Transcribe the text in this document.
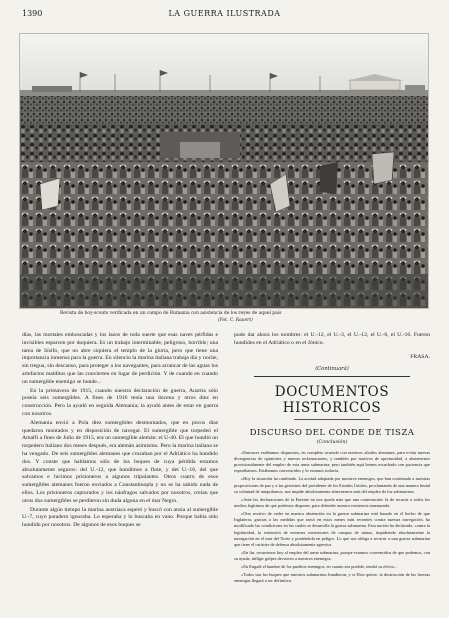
1390	LA GUERRA ILUSTRADA
Revista de boy-scouts verificada en un campo de Rumania con asistencia de los reyes de aquel país
(Fot. C. Rauert)

días, las mortales emboscadas y los lazos de toda suerte que esas naves pérfidas e invisibles esparcen por doquiera. Es un trabajo interminable, peligroso, horrible; una tarea de Sísifo, que no abre siquiera el templo de la gloria, pero que tiene una importancia inmensa para la guerra. En silencio la marina italiana trabaja día y noche, sin tregua, sin descanso, para proteger a los navegantes, para arrancar de las aguas los artefactos malditos que las convierten en lugar de perdición. Y de cuando en cuando un sumergible enemigo se hunde...

En la primavera de 1915, cuando nuestra declaración de guerra, Austria sólo poseía seis sumergibles. A fines de 1916 tenía una docena y otros diez en construcción. Pero la ayudó en seguida Alemania; la ayudó antes de estar en guerra con nosotros.

Alemania envió a Pola diez sumergibles desmontados, que en pocos días quedaron montados y en disposición de navegar. El sumergible que torpedeó el Amalfi a fines de Julio de 1915, era un sumergible alemán: el U-40. El que hundió un torpedero italiano dos meses después, era alemán asimismo. Pero la marina italiana se ha vengado. De seis sumergibles alemanes que cruzaban por el Adriático ha hundido dos. Y conste que hablamos sólo de los buques de cuya pérdida estamos absolutamente seguros: del U.-12, que hundimos a flote, y del U.-16, del que salvamos e hicimos prisioneros a algunos tripulantes. Otros cuatro de esos sumergibles alemanes fueron enviados a Constantinopla y no se ha sabido nada de ellos. Los prisioneros capturados y los náufragos salvados por nosotros, creían que otros dos sumergibles se perdieron sin duda alguna en el mar Negro.

Durante algún tiempo la marina austriaca esperó y buscó con ansia al sumergible U.-7, cuyo paradero ignoraba. Lo esperaba y lo buscaba en vano. Porque había sido hundido por nosotros. De algunos de esos buques se

pudo dar ahora los nombres: el U.-12, el U.-3, el U.-12, el U.-6, el U.-16. Fueron hundidos en el Adriático o en el Jónico.

FRASA.
(Continuará)
DOCUMENTOS HISTORICOS
DISCURSO DEL CONDE DE TISZA
(Conclusión)

«Entonces estábamos dispuestos, en completo acuerdo con nuestros aliados alemanes, para evitar nuevas divergencias de opiniones y nuevas reclamaciones, y también por motivos de oportunidad, a abstenernos provisionalmente del empleo de esta arma submarina; pero también aquí hemos escuchado con paciencia que esperábamos. Estábamos convencidos y lo estamos todavía.

»Hoy la situación ha cambiado. La actitud adoptada por nuestros enemigos, que han contestado a nuestras proposiciones de paz y a las gestiones del presidente de los Estados Unidos, proclamando de una manera brutal su voluntad de aniquilarnos, nos impide absolutamente abstenernos más del empleo de los submarinos.

»Ante las declaraciones de la Entente no nos queda más que una contestación: la de recurrir a todos los medios legítimos de que podemos disponer, para defender nuestra existencia amenazada.

»Otro motivo de ceder en nuestra abstención en la guerra submarina está basado en el hecho de que Inglaterra, gracias a las medidas que tomó en estos meses más recientes contra nuestra navegación, ha modificado las condiciones en las cuales se desarrolla la guerra submarina. Esta nación ha declarado, contra la legitimidad, la extensión de enormes extensiones de campos de minas, impidiendo absolutamente la navegación en el mar del Norte y poniéndola en peligro. Lo que nos obliga a recurrir a una guerra submarina que tiene el carácter de defensa absolutamente agresiva.

»En fin, recurrimos hoy al empleo del arma submarina, porque estamos convencidos de que podemos, con su ayuda, infligir golpes decisivos a nuestros enemigos.

»En Engadi el hambre de los pueblos enemigos, en cuanto sea posible, tendrá su efecto...

»Todos son los buques que nuestros submarinos hundieron, y si Dios quiere, la destrucción de las fuerzas enemigas llegará a ser definitiva.
